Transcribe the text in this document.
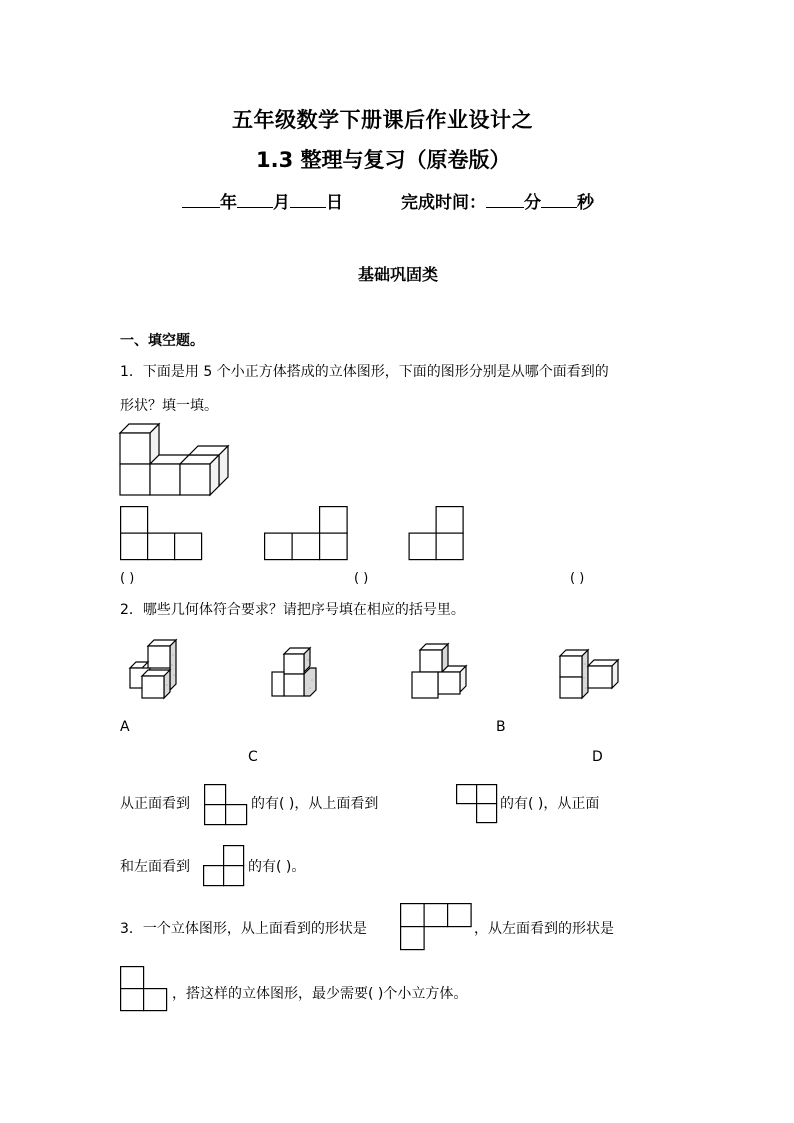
五年级数学下册课后作业设计之
1.3 整理与复习（原卷版）
年 月 日	完成时间： 分 秒
基础巩固类
一、填空题。
1．下面是用 5 个小正方体搭成的立体图形，下面的图形分别是从哪个面看到的
形状？填一填。
( )	( )	( )
2．哪些几何体符合要求？请把序号填在相应的括号里。
A	B
C	D
从正面看到	的有( )，从上面看到	的有( )，从正面
和左面看到	的有( )。
3．一个立体图形，从上面看到的形状是	，从左面看到的形状是
，搭这样的立体图形，最少需要( )个小立方体。
